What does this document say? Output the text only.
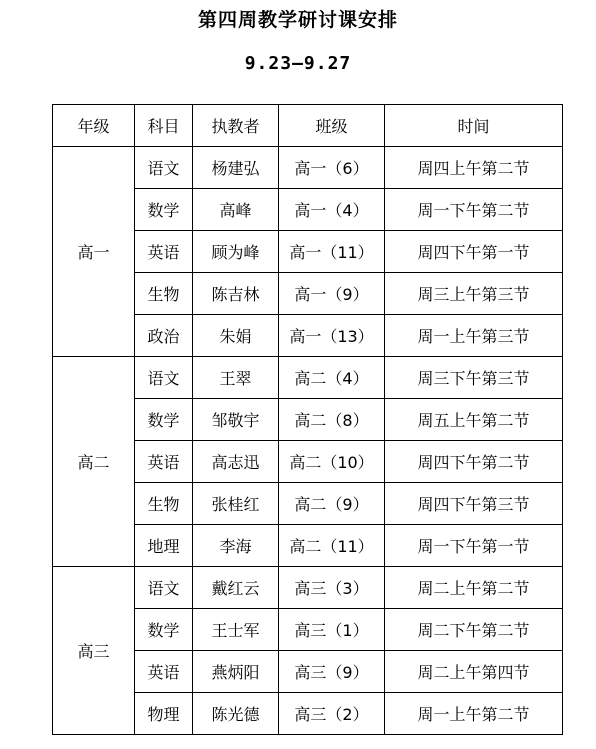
第四周教学研讨课安排
9.23—9.27
年级	科目	执教者	班级	时间
高一	语文	杨建弘	高一（6）	周四上午第二节
	数学	高峰	高一（4）	周一下午第二节
	英语	顾为峰	高一（11）	周四下午第一节
	生物	陈吉林	高一（9）	周三上午第三节
	政治	朱娟	高一（13）	周一上午第三节
高二	语文	王翠	高二（4）	周三下午第三节
	数学	邹敬宇	高二（8）	周五上午第二节
	英语	高志迅	高二（10）	周四下午第二节
	生物	张桂红	高二（9）	周四下午第三节
	地理	李海	高二（11）	周一下午第一节
高三	语文	戴红云	高三（3）	周二上午第二节
	数学	王士军	高三（1）	周二下午第二节
	英语	燕炳阳	高三（9）	周二上午第四节
	物理	陈光德	高三（2）	周一上午第二节
